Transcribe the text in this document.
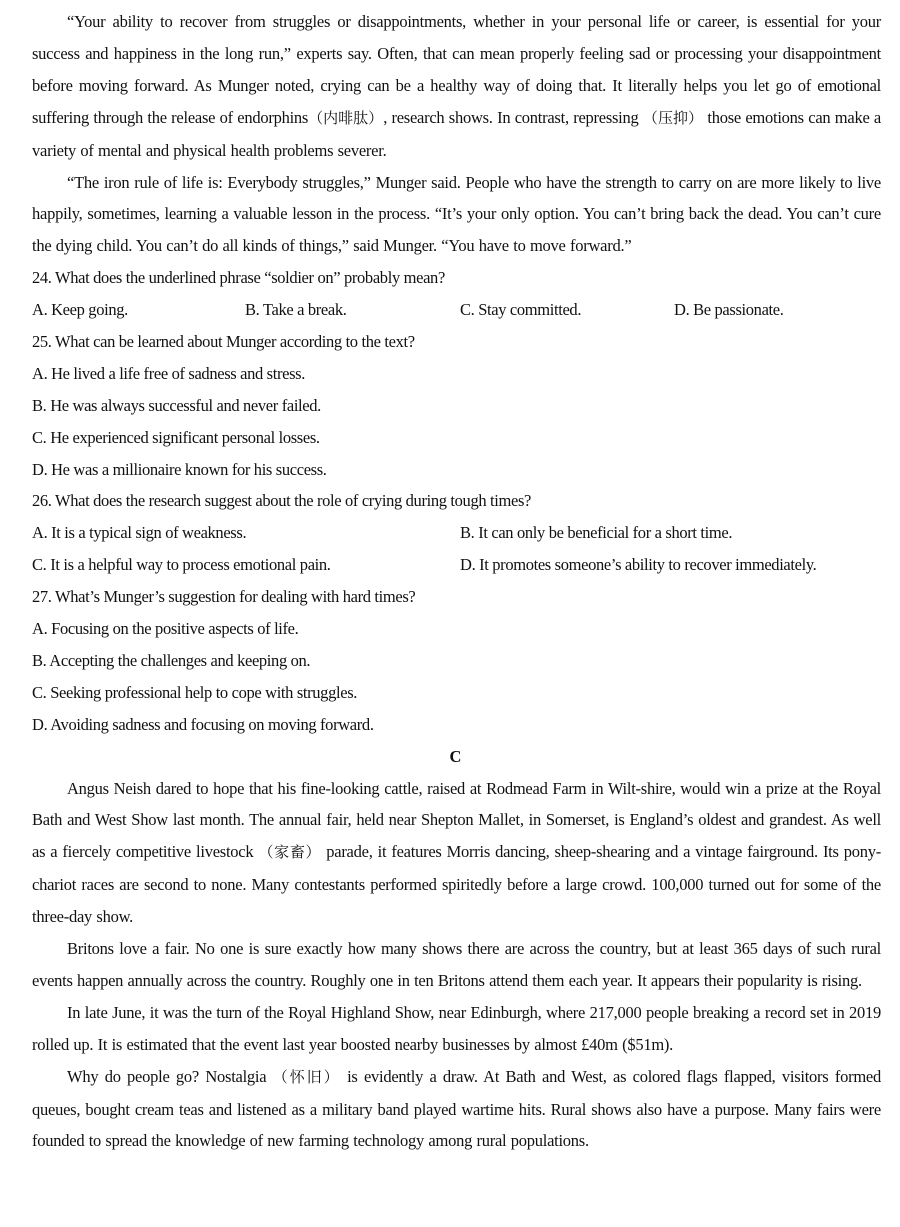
“Your ability to recover from struggles or disappointments, whether in your personal life or career, is essential for your success and happiness in the long run,” experts say. Often, that can mean properly feeling sad or processing your disappointment before moving forward. As Munger noted, crying can be a healthy way of doing that. It literally helps you let go of emotional suffering through the release of endorphins（内啡肽）, research shows. In contrast, repressing （压抑） those emotions can make a variety of mental and physical health problems severer.

“The iron rule of life is: Everybody struggles,” Munger said. People who have the strength to carry on are more likely to live happily, sometimes, learning a valuable lesson in the process. “It’s your only option. You can’t bring back the dead. You can’t cure the dying child. You can’t do all kinds of things,” said Munger. “You have to move forward.”

24. What does the underlined phrase “soldier on” probably mean?

A. Keep going.	B. Take a break.	C. Stay committed.	D. Be passionate.

25. What can be learned about Munger according to the text?

A. He lived a life free of sadness and stress.

B. He was always successful and never failed.

C. He experienced significant personal losses.

D. He was a millionaire known for his success.

26. What does the research suggest about the role of crying during tough times?

A. It is a typical sign of weakness.	B. It can only be beneficial for a short time.
C. It is a helpful way to process emotional pain.	D. It promotes someone’s ability to recover immediately.

27. What’s Munger’s suggestion for dealing with hard times?

A. Focusing on the positive aspects of life.

B. Accepting the challenges and keeping on.

C. Seeking professional help to cope with struggles.

D. Avoiding sadness and focusing on moving forward.

C

Angus Neish dared to hope that his fine-looking cattle, raised at Rodmead Farm in Wilt-shire, would win a prize at the Royal Bath and West Show last month. The annual fair, held near Shepton Mallet, in Somerset, is England’s oldest and grandest. As well as a fiercely competitive livestock （家畜） parade, it features Morris dancing, sheep-shearing and a vintage fairground. Its pony-chariot races are second to none. Many contestants performed spiritedly before a large crowd. 100,000 turned out for some of the three-day show.

Britons love a fair. No one is sure exactly how many shows there are across the country, but at least 365 days of such rural events happen annually across the country. Roughly one in ten Britons attend them each year. It appears their popularity is rising.

In late June, it was the turn of the Royal Highland Show, near Edinburgh, where 217,000 people breaking a record set in 2019 rolled up. It is estimated that the event last year boosted nearby businesses by almost £40m ($51m).

Why do people go? Nostalgia （怀旧） is evidently a draw. At Bath and West, as colored flags flapped, visitors formed queues, bought cream teas and listened as a military band played wartime hits. Rural shows also have a purpose. Many fairs were founded to spread the knowledge of new farming technology among rural populations.
